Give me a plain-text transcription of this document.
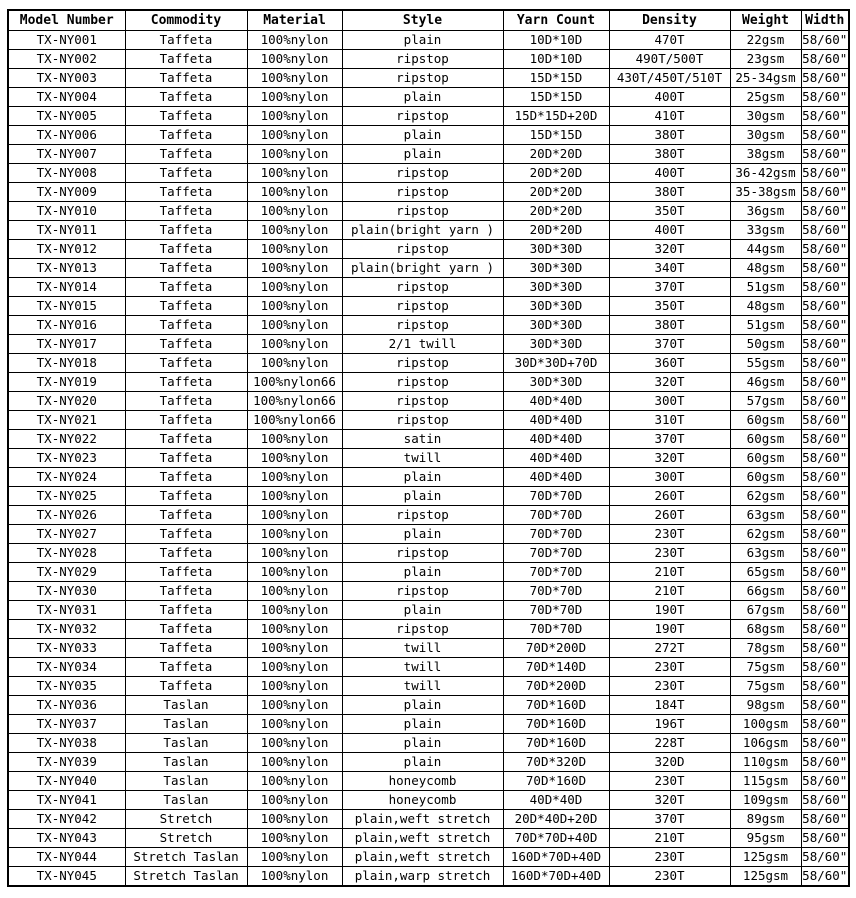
Model Number	Commodity	Material	Style	Yarn Count	Density	Weight	Width
TX-NY001	Taffeta	100%nylon	plain	10D*10D	470T	22gsm	58/60"
TX-NY002	Taffeta	100%nylon	ripstop	10D*10D	490T/500T	23gsm	58/60"
TX-NY003	Taffeta	100%nylon	ripstop	15D*15D	430T/450T/510T	25-34gsm	58/60"
TX-NY004	Taffeta	100%nylon	plain	15D*15D	400T	25gsm	58/60"
TX-NY005	Taffeta	100%nylon	ripstop	15D*15D+20D	410T	30gsm	58/60"
TX-NY006	Taffeta	100%nylon	plain	15D*15D	380T	30gsm	58/60"
TX-NY007	Taffeta	100%nylon	plain	20D*20D	380T	38gsm	58/60"
TX-NY008	Taffeta	100%nylon	ripstop	20D*20D	400T	36-42gsm	58/60"
TX-NY009	Taffeta	100%nylon	ripstop	20D*20D	380T	35-38gsm	58/60"
TX-NY010	Taffeta	100%nylon	ripstop	20D*20D	350T	36gsm	58/60"
TX-NY011	Taffeta	100%nylon	plain(bright yarn )	20D*20D	400T	33gsm	58/60"
TX-NY012	Taffeta	100%nylon	ripstop	30D*30D	320T	44gsm	58/60"
TX-NY013	Taffeta	100%nylon	plain(bright yarn )	30D*30D	340T	48gsm	58/60"
TX-NY014	Taffeta	100%nylon	ripstop	30D*30D	370T	51gsm	58/60"
TX-NY015	Taffeta	100%nylon	ripstop	30D*30D	350T	48gsm	58/60"
TX-NY016	Taffeta	100%nylon	ripstop	30D*30D	380T	51gsm	58/60"
TX-NY017	Taffeta	100%nylon	2/1 twill	30D*30D	370T	50gsm	58/60"
TX-NY018	Taffeta	100%nylon	ripstop	30D*30D+70D	360T	55gsm	58/60"
TX-NY019	Taffeta	100%nylon66	ripstop	30D*30D	320T	46gsm	58/60"
TX-NY020	Taffeta	100%nylon66	ripstop	40D*40D	300T	57gsm	58/60"
TX-NY021	Taffeta	100%nylon66	ripstop	40D*40D	310T	60gsm	58/60"
TX-NY022	Taffeta	100%nylon	satin	40D*40D	370T	60gsm	58/60"
TX-NY023	Taffeta	100%nylon	twill	40D*40D	320T	60gsm	58/60"
TX-NY024	Taffeta	100%nylon	plain	40D*40D	300T	60gsm	58/60"
TX-NY025	Taffeta	100%nylon	plain	70D*70D	260T	62gsm	58/60"
TX-NY026	Taffeta	100%nylon	ripstop	70D*70D	260T	63gsm	58/60"
TX-NY027	Taffeta	100%nylon	plain	70D*70D	230T	62gsm	58/60"
TX-NY028	Taffeta	100%nylon	ripstop	70D*70D	230T	63gsm	58/60"
TX-NY029	Taffeta	100%nylon	plain	70D*70D	210T	65gsm	58/60"
TX-NY030	Taffeta	100%nylon	ripstop	70D*70D	210T	66gsm	58/60"
TX-NY031	Taffeta	100%nylon	plain	70D*70D	190T	67gsm	58/60"
TX-NY032	Taffeta	100%nylon	ripstop	70D*70D	190T	68gsm	58/60"
TX-NY033	Taffeta	100%nylon	twill	70D*200D	272T	78gsm	58/60"
TX-NY034	Taffeta	100%nylon	twill	70D*140D	230T	75gsm	58/60"
TX-NY035	Taffeta	100%nylon	twill	70D*200D	230T	75gsm	58/60"
TX-NY036	Taslan	100%nylon	plain	70D*160D	184T	98gsm	58/60"
TX-NY037	Taslan	100%nylon	plain	70D*160D	196T	100gsm	58/60"
TX-NY038	Taslan	100%nylon	plain	70D*160D	228T	106gsm	58/60"
TX-NY039	Taslan	100%nylon	plain	70D*320D	320D	110gsm	58/60"
TX-NY040	Taslan	100%nylon	honeycomb	70D*160D	230T	115gsm	58/60"
TX-NY041	Taslan	100%nylon	honeycomb	40D*40D	320T	109gsm	58/60"
TX-NY042	Stretch	100%nylon	plain,weft stretch	20D*40D+20D	370T	89gsm	58/60"
TX-NY043	Stretch	100%nylon	plain,weft stretch	70D*70D+40D	210T	95gsm	58/60"
TX-NY044	Stretch Taslan	100%nylon	plain,weft stretch	160D*70D+40D	230T	125gsm	58/60"
TX-NY045	Stretch Taslan	100%nylon	plain,warp stretch	160D*70D+40D	230T	125gsm	58/60"
